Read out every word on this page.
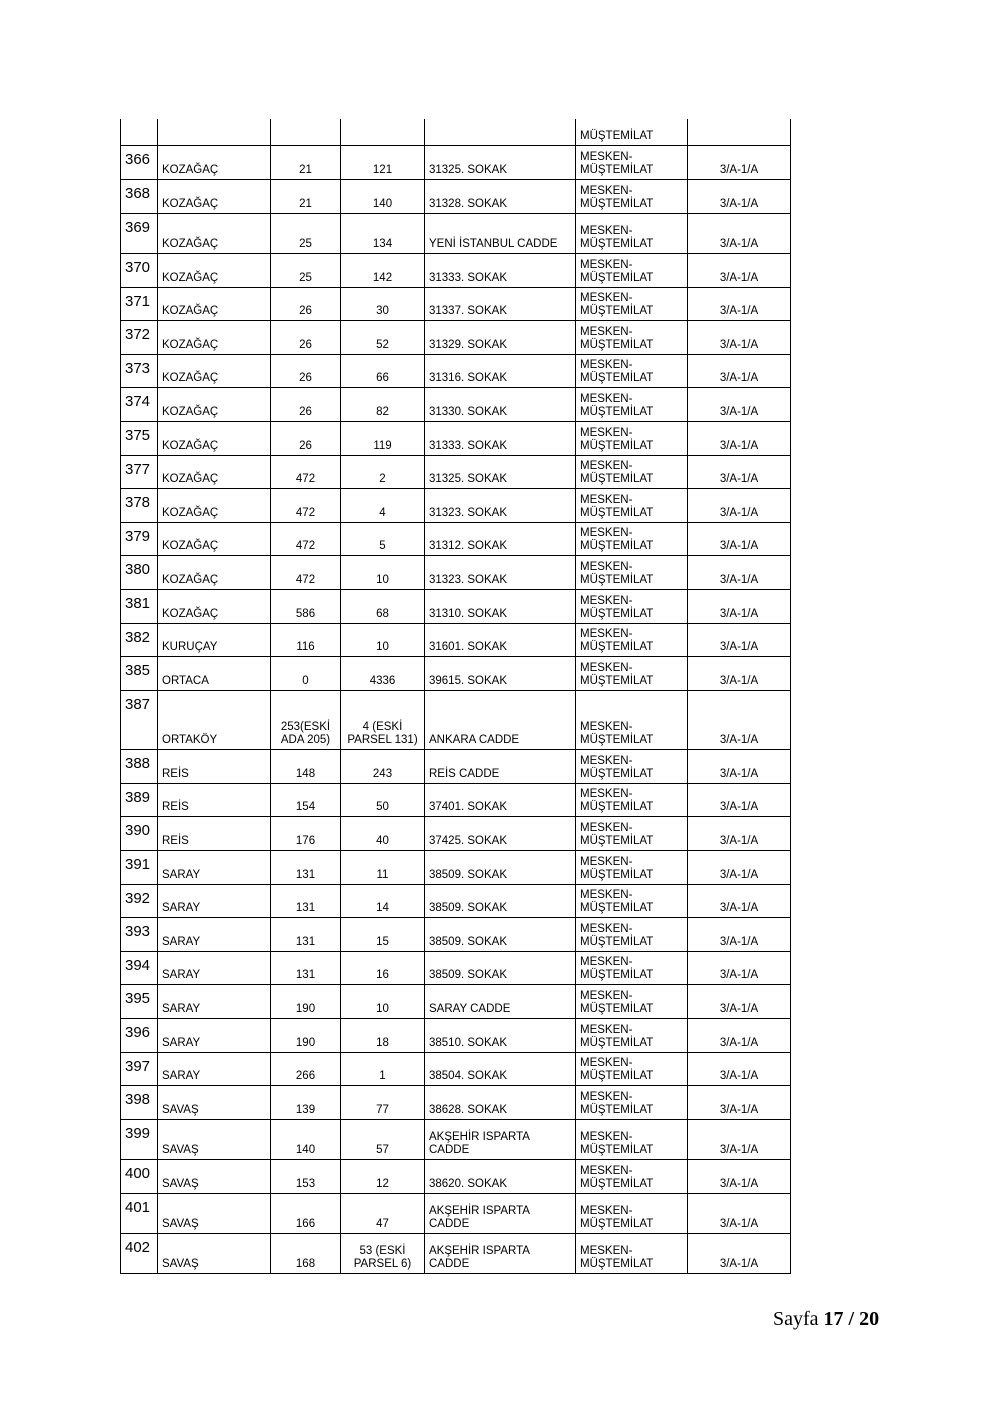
					MÜŞTEMİLAT	

366	KOZAĞAÇ	21	121	31325. SOKAK	MESKEN-
MÜŞTEMİLAT	3/A-1/A

368	KOZAĞAÇ	21	140	31328. SOKAK	MESKEN-
MÜŞTEMİLAT	3/A-1/A

369	KOZAĞAÇ	25	134	YENİ İSTANBUL CADDE	MESKEN-
MÜŞTEMİLAT	3/A-1/A

370	KOZAĞAÇ	25	142	31333. SOKAK	MESKEN-
MÜŞTEMİLAT	3/A-1/A

371	KOZAĞAÇ	26	30	31337. SOKAK	MESKEN-
MÜŞTEMİLAT	3/A-1/A

372	KOZAĞAÇ	26	52	31329. SOKAK	MESKEN-
MÜŞTEMİLAT	3/A-1/A

373	KOZAĞAÇ	26	66	31316. SOKAK	MESKEN-
MÜŞTEMİLAT	3/A-1/A

374	KOZAĞAÇ	26	82	31330. SOKAK	MESKEN-
MÜŞTEMİLAT	3/A-1/A

375	KOZAĞAÇ	26	119	31333. SOKAK	MESKEN-
MÜŞTEMİLAT	3/A-1/A

377	KOZAĞAÇ	472	2	31325. SOKAK	MESKEN-
MÜŞTEMİLAT	3/A-1/A

378	KOZAĞAÇ	472	4	31323. SOKAK	MESKEN-
MÜŞTEMİLAT	3/A-1/A

379	KOZAĞAÇ	472	5	31312. SOKAK	MESKEN-
MÜŞTEMİLAT	3/A-1/A

380	KOZAĞAÇ	472	10	31323. SOKAK	MESKEN-
MÜŞTEMİLAT	3/A-1/A

381	KOZAĞAÇ	586	68	31310. SOKAK	MESKEN-
MÜŞTEMİLAT	3/A-1/A

382	KURUÇAY	116	10	31601. SOKAK	MESKEN-
MÜŞTEMİLAT	3/A-1/A

385	ORTACA	0	4336	39615. SOKAK	MESKEN-
MÜŞTEMİLAT	3/A-1/A

387	ORTAKÖY	253(ESKİ
ADA 205)	4 (ESKİ
PARSEL 131)	ANKARA CADDE	MESKEN-
MÜŞTEMİLAT	3/A-1/A

388	REİS	148	243	REİS CADDE	MESKEN-
MÜŞTEMİLAT	3/A-1/A

389	REİS	154	50	37401. SOKAK	MESKEN-
MÜŞTEMİLAT	3/A-1/A

390	REİS	176	40	37425. SOKAK	MESKEN-
MÜŞTEMİLAT	3/A-1/A

391	SARAY	131	11	38509. SOKAK	MESKEN-
MÜŞTEMİLAT	3/A-1/A

392	SARAY	131	14	38509. SOKAK	MESKEN-
MÜŞTEMİLAT	3/A-1/A

393	SARAY	131	15	38509. SOKAK	MESKEN-
MÜŞTEMİLAT	3/A-1/A

394	SARAY	131	16	38509. SOKAK	MESKEN-
MÜŞTEMİLAT	3/A-1/A

395	SARAY	190	10	SARAY CADDE	MESKEN-
MÜŞTEMİLAT	3/A-1/A

396	SARAY	190	18	38510. SOKAK	MESKEN-
MÜŞTEMİLAT	3/A-1/A

397	SARAY	266	1	38504. SOKAK	MESKEN-
MÜŞTEMİLAT	3/A-1/A

398	SAVAŞ	139	77	38628. SOKAK	MESKEN-
MÜŞTEMİLAT	3/A-1/A

399	SAVAŞ	140	57	AKŞEHİR ISPARTA CADDE	MESKEN-
MÜŞTEMİLAT	3/A-1/A

400	SAVAŞ	153	12	38620. SOKAK	MESKEN-
MÜŞTEMİLAT	3/A-1/A

401	SAVAŞ	166	47	AKŞEHİR ISPARTA CADDE	MESKEN-
MÜŞTEMİLAT	3/A-1/A

402	SAVAŞ	168	53 (ESKİ
PARSEL 6)	AKŞEHİR ISPARTA CADDE	MESKEN-
MÜŞTEMİLAT	3/A-1/A
Sayfa 17 / 20
